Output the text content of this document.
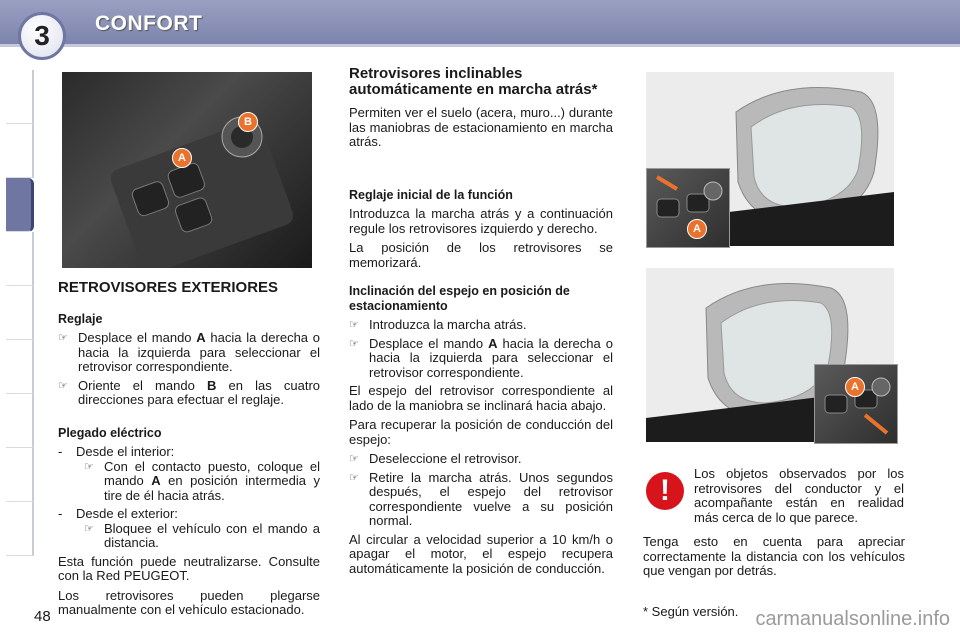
3	CONFORT
A
B
A
A
RETROVISORES EXTERIORES
Reglaje
☞ Desplace el mando A hacia la derecha o hacia la izquierda para seleccionar el retrovisor correspondiente.
☞ Oriente el mando B en las cuatro direcciones para efectuar el reglaje.
Plegado eléctrico
-	Desde el interior:
☞ Con el contacto puesto, coloque el mando A en posición intermedia y tire de él hacia atrás.
-	Desde el exterior:
☞ Bloquee el vehículo con el mando a distancia.

Esta función puede neutralizarse. Consulte con la Red PEUGEOT.

Los retrovisores pueden plegarse manualmente con el vehículo estacionado.

Retrovisores inclinables automáticamente en marcha atrás*

Permiten ver el suelo (acera, muro...) durante las maniobras de estacionamiento en marcha atrás.

Reglaje inicial de la función

Introduzca la marcha atrás y a continuación regule los retrovisores izquierdo y derecho.

La posición de los retrovisores se memorizará.

Inclinación del espejo en posición de estacionamiento
☞ Introduzca la marcha atrás.
☞ Desplace el mando A hacia la derecha o hacia la izquierda para seleccionar el retrovisor correspondiente.

El espejo del retrovisor correspondiente al lado de la maniobra se inclinará hacia abajo.

Para recuperar la posición de conducción del espejo:

☞ Deseleccione el retrovisor.
☞ Retire la marcha atrás. Unos segundos después, el espejo del retrovisor correspondiente vuelve a su posición normal.

Al circular a velocidad superior a 10 km/h o apagar el motor, el espejo recupera automáticamente la posición de conducción.

!
Los objetos observados por los retrovisores del conductor y el acompañante están en realidad más cerca de lo que parece.
Tenga esto en cuenta para apreciar correctamente la distancia con los vehículos que vengan por detrás.
* Según versión.
48	carmanualsonline.info
